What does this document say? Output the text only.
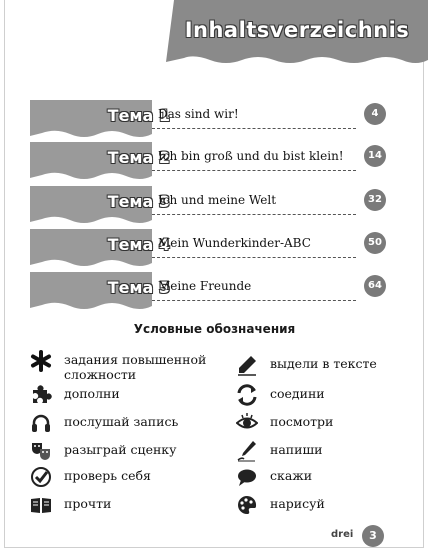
Inhaltsverzeichnis
Тема 1
Das sind wir!	4
Тема 2
Ich bin groß und du bist klein!	14
Тема 3
Ich und meine Welt	32
Тема 4
Mein Wunderkinder-ABC	50
Тема 5
Meine Freunde	64
Условные обозначения
задания повышенной сложности
дополни
послушай запись
разыграй сценку
проверь себя
прочти
выдели в тексте
соедини
посмотри
напиши
скажи
нарисуй
drei	3
